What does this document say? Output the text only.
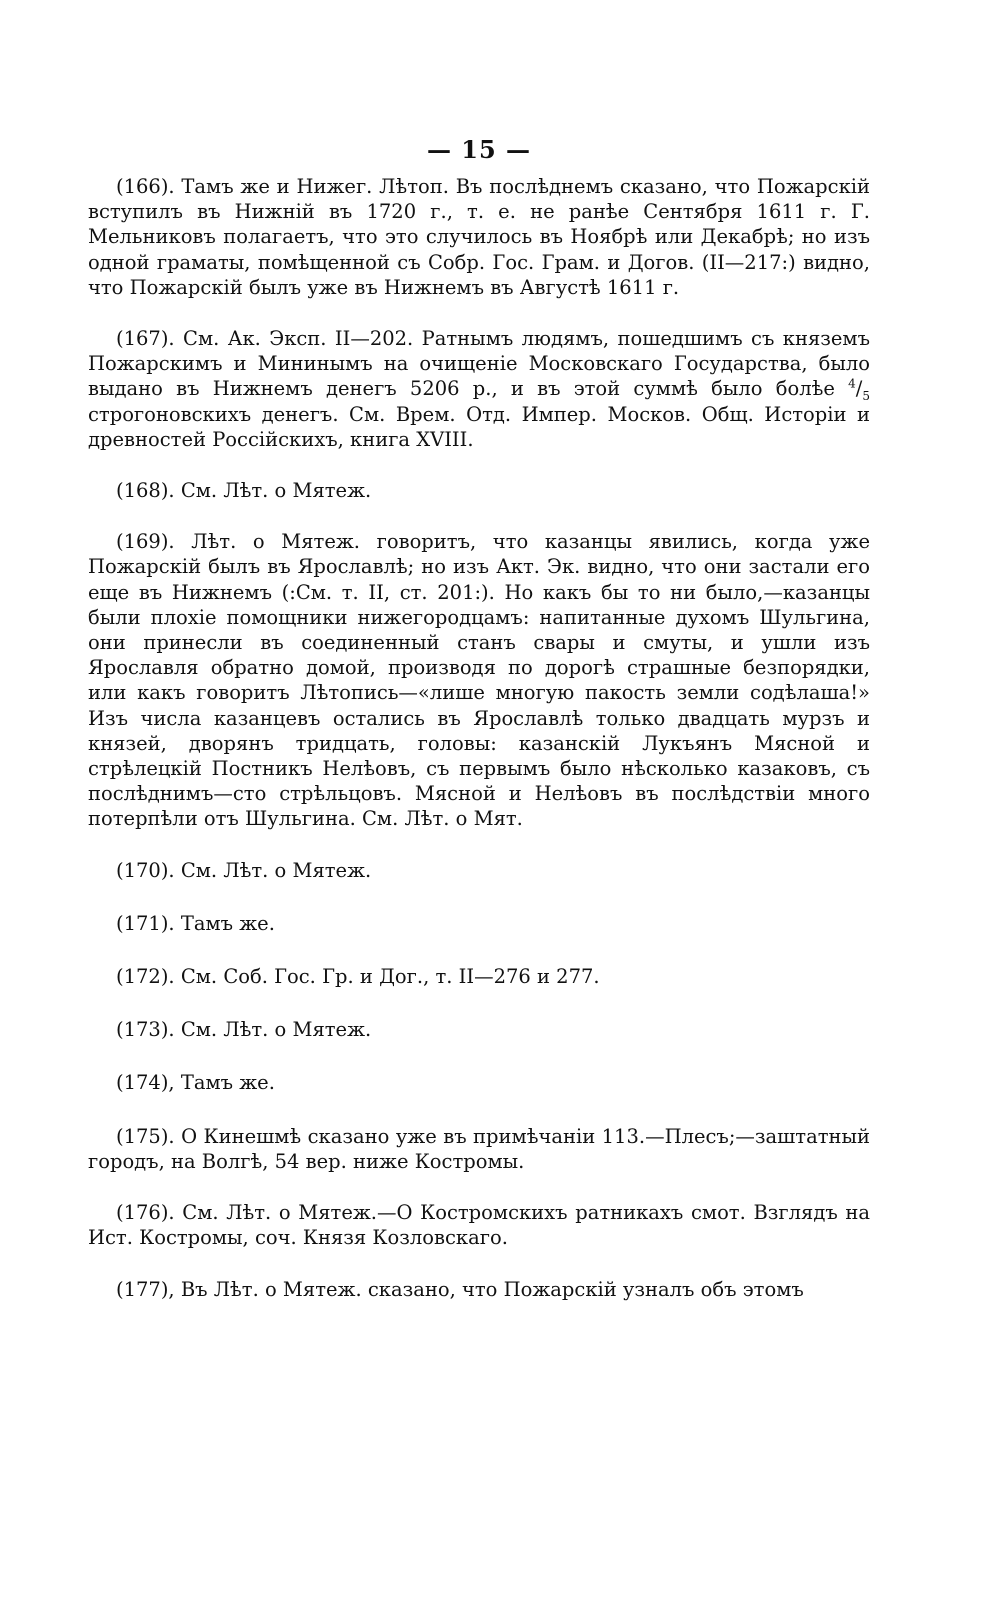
— 15 —

(166). Тамъ же и Нижег. Лѣтоп. Въ послѣднемъ сказано, что Пожарскій вступилъ въ Нижній въ 1720 г., т. е. не ранѣе Сентября 1611 г. Г. Мельниковъ полагаетъ, что это случилось въ Ноябрѣ или Декабрѣ; но изъ одной граматы, помѣщенной съ Собр. Гос. Грам. и Догов. (II—217:) видно, что Пожарскій былъ уже въ Нижнемъ въ Августѣ 1611 г.

(167). См. Ак. Эксп. II—202. Ратнымъ людямъ, пошедшимъ съ княземъ Пожарскимъ и Мининымъ на очищеніе Московскаго Государства, было выдано въ Нижнемъ денегъ 5206 р., и въ этой суммѣ было болѣе $^4/_5$ строгоновскихъ денегъ. См. Врем. Отд. Импер. Москов. Общ. Исторіи и древностей Россійскихъ, книга XVIII.

(168). См. Лѣт. о Мятеж.

(169). Лѣт. о Мятеж. говоритъ, что казанцы явились, когда уже Пожарскій былъ въ Ярославлѣ; но изъ Акт. Эк. видно, что они застали его еще въ Нижнемъ (:См. т. II, ст. 201:). Но какъ бы то ни было,—казанцы были плохіе помощники нижегородцамъ: напитанные духомъ Шульгина, они принесли въ соединенный станъ свары и смуты, и ушли изъ Ярославля обратно домой, производя по дорогѣ страшные безпорядки, или какъ говоритъ Лѣтопись—«лише многую пакость земли содѣлаша!» Изъ числа казанцевъ остались въ Ярославлѣ только двадцать мурзъ и князей, дворянъ тридцать, головы: казанскій Лукъянъ Мясной и стрѣлецкій Постникъ Нелѣовъ, съ первымъ было нѣсколько казаковъ, съ послѣднимъ—сто стрѣльцовъ. Мясной и Нелѣовъ въ послѣдствіи много потерпѣли отъ Шульгина. См. Лѣт. о Мят.

(170). См. Лѣт. о Мятеж.

(171). Тамъ же.

(172). См. Соб. Гос. Гр. и Дог., т. II—276 и 277.

(173). См. Лѣт. о Мятеж.

(174), Тамъ же.

(175). О Кинешмѣ сказано уже въ примѣчаніи 113.—Плесъ;—заштатный городъ, на Волгѣ, 54 вер. ниже Костромы.

(176). См. Лѣт. о Мятеж.—О Костромскихъ ратникахъ смот. Взглядъ на Ист. Костромы, соч. Князя Козловскаго.

(177), Въ Лѣт. о Мятеж. сказано, что Пожарскій узналъ объ этомъ
